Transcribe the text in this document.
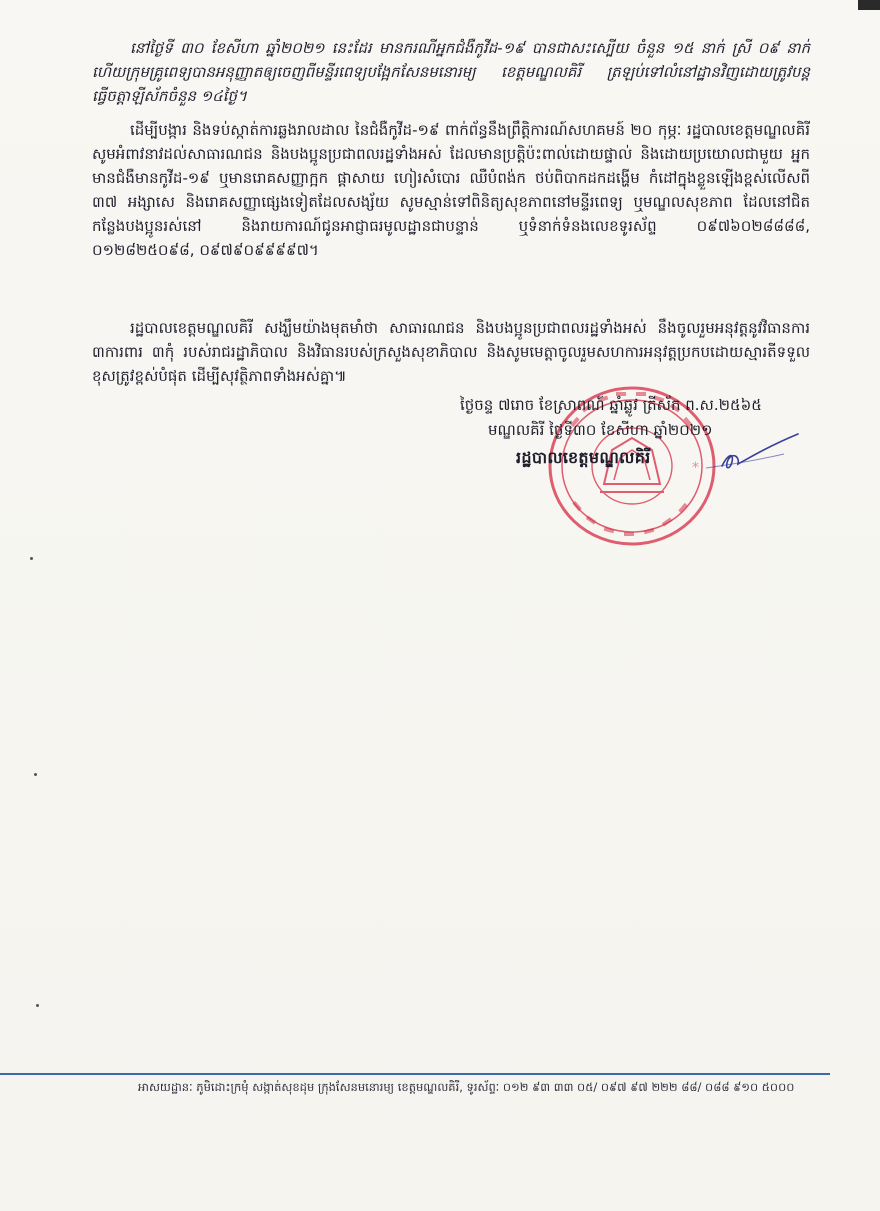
នៅថ្ងៃទី ៣០ ខែសីហា ឆ្នាំ២០២១ នេះដែរ មានករណីអ្នកជំងឺកូវីដ-១៩ បានជាសះស្បើយ ចំនួន ១៥ នាក់ ស្រី ០៩ នាក់ ហើយក្រុមគ្រូពេទ្យបានអនុញ្ញាតឲ្យចេញពីមន្ទីរពេទ្យបង្អែកសែនមនោរម្យ ខេត្តមណ្ឌលគិរី ត្រឡប់ទៅលំនៅដ្ឋានវិញដោយត្រូវបន្តធ្វើចត្តាឡីស័កចំនួន ១៤ថ្ងៃ។

ដើម្បីបង្ការ និងទប់ស្កាត់ការឆ្លងរាលដាល នៃជំងឺកូវីដ-១៩ ពាក់ព័ន្ធនឹងព្រឹត្តិការណ៍សហគមន៍ ២០ កុម្ភៈ រដ្ឋបាលខេត្តមណ្ឌលគិរី សូមអំពាវនាវដល់សាធារណជន និងបងប្អូនប្រជាពលរដ្ឋទាំងអស់ ដែលមានប្រត្តិប៉ះពាល់ដោយផ្ទាល់ និងដោយប្រយោលជាមួយ អ្នកមានជំងឺមានកូវីដ-១៩ ឬមានរោគសញ្ញាក្អក ផ្តាសាយ ហៀរសំបោរ ឈឺបំពង់ក ថប់ពិបាកដកដង្ហើម កំដៅក្នុងខ្លួនឡើងខ្ពស់លើសពី ៣៧ អង្សាសេ និងរោគសញ្ញាផ្សេងទៀតដែលសង្ស័យ សូមស្មាន់ទៅពិនិត្យសុខភាពនៅមន្ទីរពេទ្យ ឬមណ្ឌលសុខភាព ដែលនៅជិតកន្លែងបងប្អូនរស់នៅ និងរាយការណ៍ជូនអាជ្ញាធរមូលដ្ឋានជាបន្ទាន់ ឬទំនាក់ទំនងលេខទូរស័ព្ទ ០៩៧៦០២៨៨៨៨, ០១២៨២៥០៩៨, ០៩៧៩០៩៩៩៩៧។

រដ្ឋបាលខេត្តមណ្ឌលគិរី សង្ឃឹមយ៉ាងមុតមាំថា សាធារណជន និងបងប្អូនប្រជាពលរដ្ឋទាំងអស់ នឹងចូលរួមអនុវត្តនូវវិធានការ ៣ការពារ ៣កុំ របស់រាជរដ្ឋាភិបាល និងវិធានរបស់ក្រសួងសុខាភិបាល និងសូមមេត្តាចូលរួមសហការអនុវត្តប្រកបដោយស្មារតីទទួលខុសត្រូវខ្ពស់បំផុត ដើម្បីសុវត្ថិភាពទាំងអស់គ្នា៕

*
ថ្ងៃចន្ទ ៧រោច ខែស្រាពណ៍ ឆ្នាំឆ្លូវ ត្រីស័ក ព.ស.២៥៦៥
មណ្ឌលគិរី ថ្ងៃទី៣០ ខែសីហា ឆ្នាំ២០២១
រដ្ឋបាលខេត្តមណ្ឌលគិរី
អាសយដ្ឋានៈ ភូមិដោះក្រមុំ សង្កាត់សុខដុម ក្រុងសែនមនោរម្យ ខេត្តមណ្ឌលគិរី, ទូរស័ព្ទៈ ០១២ ៩៣ ៣៣ ០៥/ ០៩៧ ៩៧ ២២២ ៨៨/ ០៨៨ ៩១០ ៥០០០
